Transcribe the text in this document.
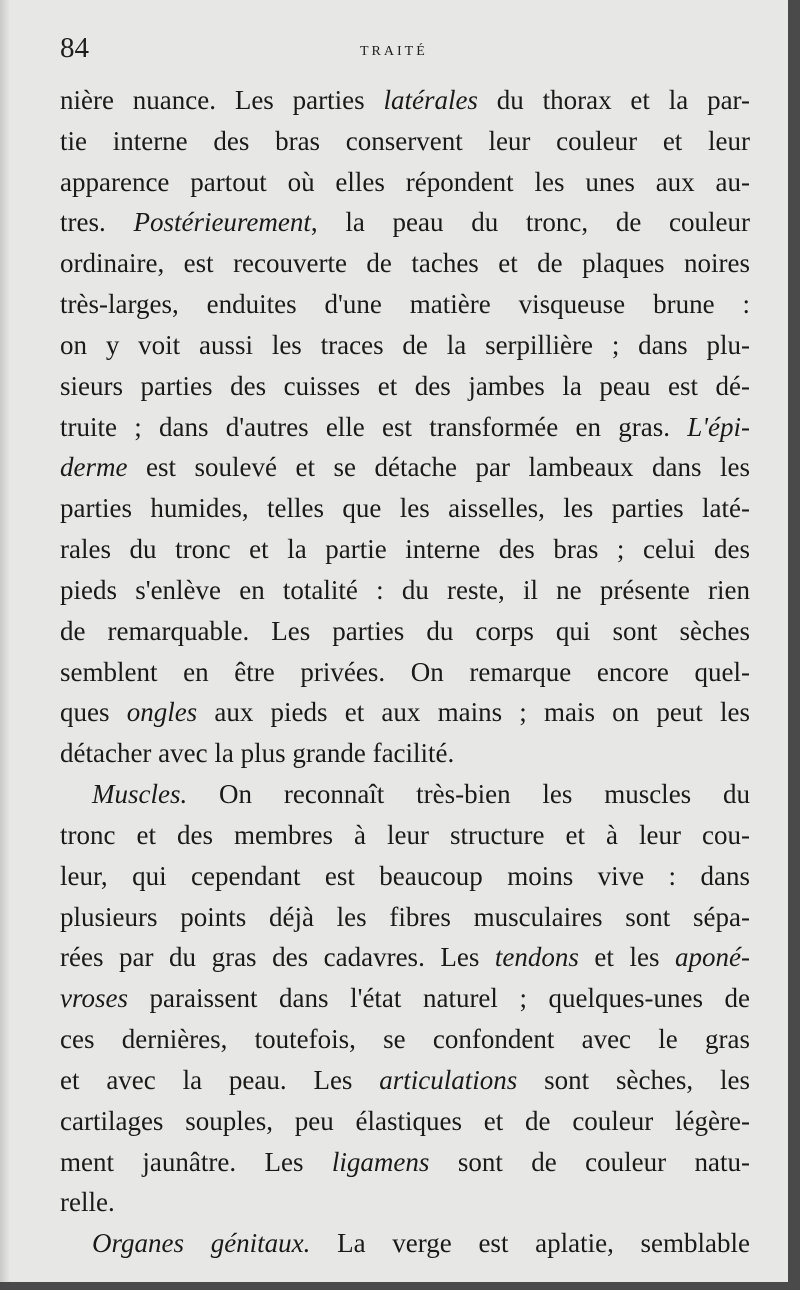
84	TRAITÉ
nière nuance. Les parties latérales du thorax et la par-
tie interne des bras conservent leur couleur et leur
apparence partout où elles répondent les unes aux au-
tres. Postérieurement, la peau du tronc, de couleur
ordinaire, est recouverte de taches et de plaques noires
très-larges, enduites d'une matière visqueuse brune :
on y voit aussi les traces de la serpillière ; dans plu-
sieurs parties des cuisses et des jambes la peau est dé-
truite ; dans d'autres elle est transformée en gras. L'épi-
derme est soulevé et se détache par lambeaux dans les
parties humides, telles que les aisselles, les parties laté-
rales du tronc et la partie interne des bras ; celui des
pieds s'enlève en totalité : du reste, il ne présente rien
de remarquable. Les parties du corps qui sont sèches
semblent en être privées. On remarque encore quel-
ques ongles aux pieds et aux mains ; mais on peut les
détacher avec la plus grande facilité.
Muscles. On reconnaît très-bien les muscles du
tronc et des membres à leur structure et à leur cou-
leur, qui cependant est beaucoup moins vive : dans
plusieurs points déjà les fibres musculaires sont sépa-
rées par du gras des cadavres. Les tendons et les aponé-
vroses paraissent dans l'état naturel ; quelques-unes de
ces dernières, toutefois, se confondent avec le gras
et avec la peau. Les articulations sont sèches, les
cartilages souples, peu élastiques et de couleur légère-
ment jaunâtre. Les ligamens sont de couleur natu-
relle.
Organes génitaux. La verge est aplatie, semblable
